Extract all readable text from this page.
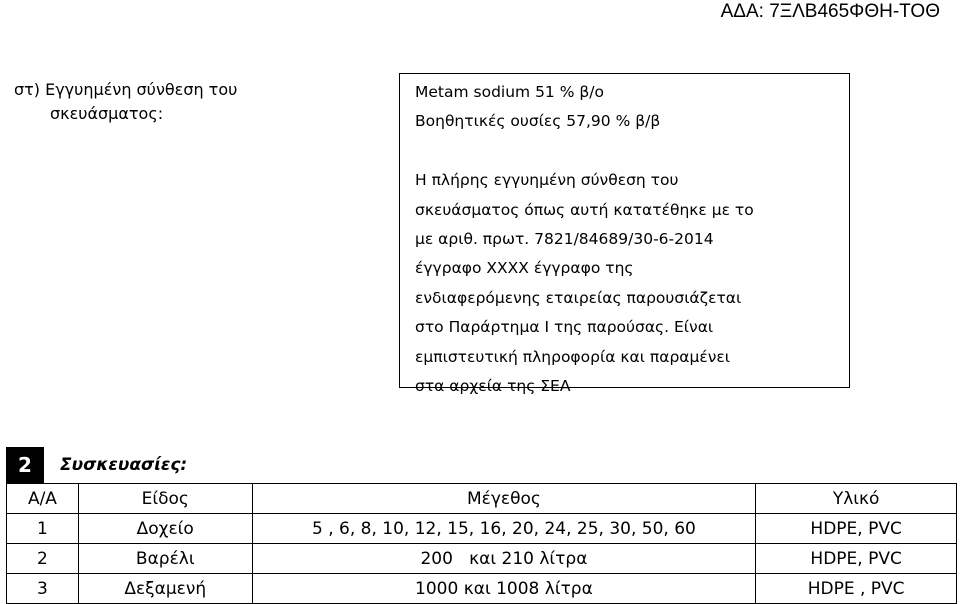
ΑΔΑ: 7ΞΛΒ465ΦΘΗ-ΤΟΘ
στ) Εγγυημένη σύνθεση του
σκευάσματος:
Metam sodium 51 % β/ο
Βοηθητικές ουσίες 57,90 % β/β
Η πλήρης εγγυημένη σύνθεση του
σκευάσματος όπως αυτή κατατέθηκε με το
με αριθ. πρωτ. 7821/84689/30-6-2014
έγγραφο ΧΧΧΧ έγγραφο της
ενδιαφερόμενης εταιρείας παρουσιάζεται
στο Παράρτημα Ι της παρούσας. Είναι
εμπιστευτική πληροφορία και παραμένει
στα αρχεία της ΣΕΑ
2	Συσκευασίες:
Α/Α	Είδος	Μέγεθος	Υλικό
1	Δοχείο	5 , 6, 8, 10, 12, 15, 16, 20, 24, 25, 30, 50, 60	HDPE, PVC
2	Βαρέλι	200   και 210 λίτρα	HDPE, PVC
3	Δεξαμενή	1000 και 1008 λίτρα	HDPE , PVC
